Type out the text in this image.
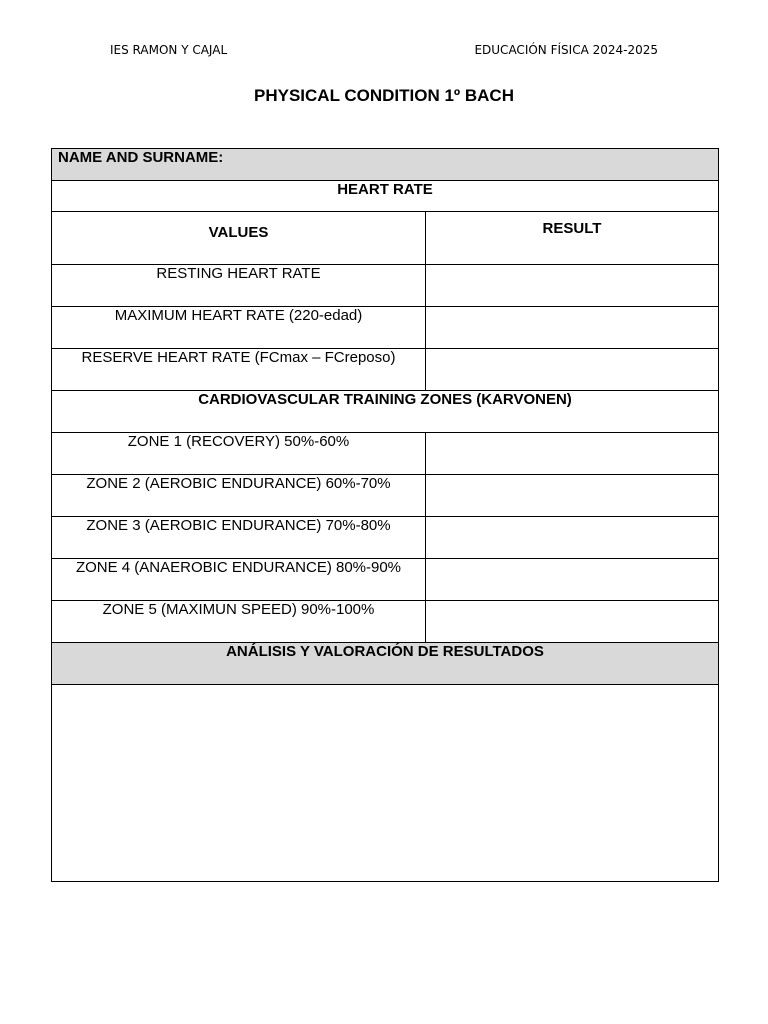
IES RAMON Y CAJAL	EDUCACIÓN FÍSICA 2024-2025
PHYSICAL CONDITION 1º BACH
NAME AND SURNAME:	
HEART RATE	
VALUES	RESULT
RESTING HEART RATE	
MAXIMUM HEART RATE (220-edad)	
RESERVE HEART RATE (FCmax – FCreposo)	
CARDIOVASCULAR TRAINING ZONES (KARVONEN)	
ZONE 1 (RECOVERY) 50%-60%	
ZONE 2 (AEROBIC ENDURANCE) 60%-70%	
ZONE 3 (AEROBIC ENDURANCE) 70%-80%	
ZONE 4 (ANAEROBIC ENDURANCE) 80%-90%	
ZONE 5 (MAXIMUN SPEED) 90%-100%	
ANÁLISIS Y VALORACIÓN DE RESULTADOS	
